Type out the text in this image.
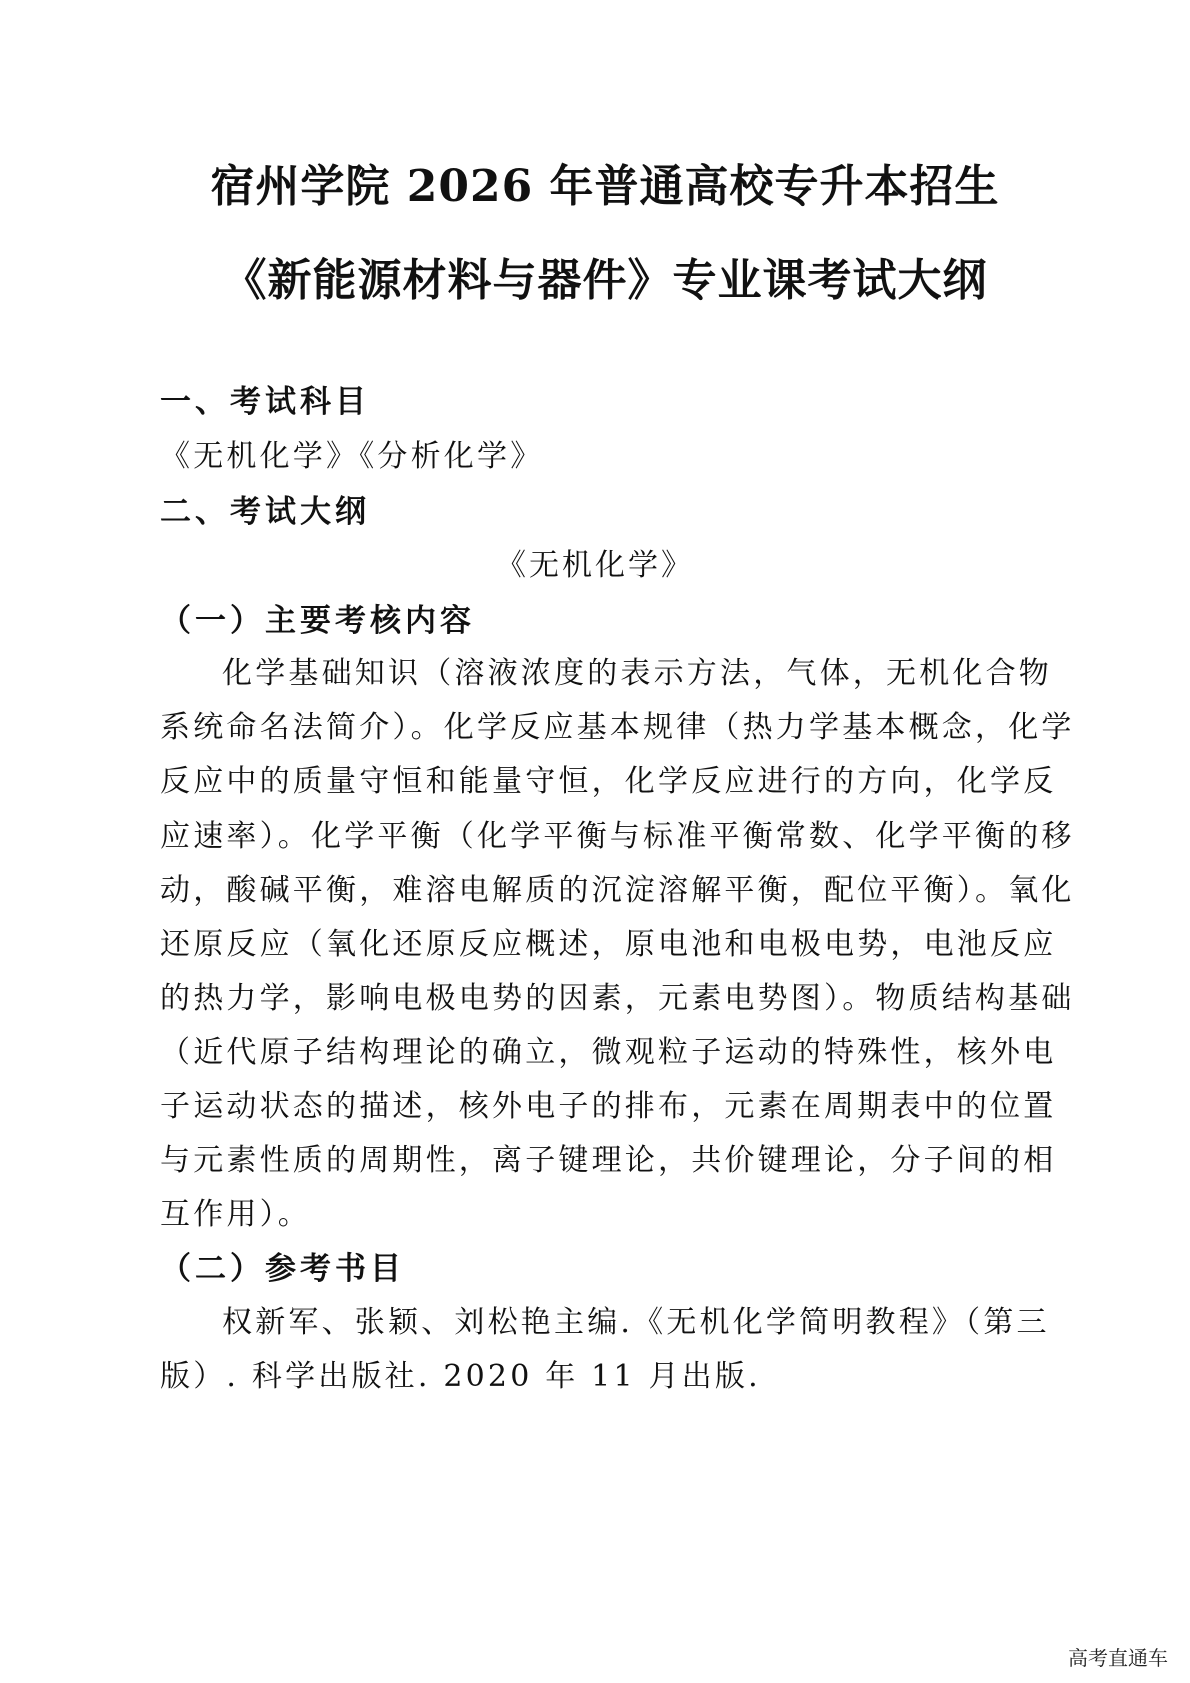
宿州学院 2026 年普通高校专升本招生
《新能源材料与器件》专业课考试大纲
一、考试科目
《无机化学》《分析化学》
二、考试大纲
《无机化学》
（一）主要考核内容
化学基础知识（溶液浓度的表示方法，气体，无机化合物
系统命名法简介）。化学反应基本规律（热力学基本概念，化学
反应中的质量守恒和能量守恒，化学反应进行的方向，化学反
应速率）。化学平衡（化学平衡与标准平衡常数、化学平衡的移
动，酸碱平衡，难溶电解质的沉淀溶解平衡，配位平衡）。氧化
还原反应（氧化还原反应概述，原电池和电极电势，电池反应
的热力学，影响电极电势的因素，元素电势图）。物质结构基础
（近代原子结构理论的确立，微观粒子运动的特殊性，核外电
子运动状态的描述，核外电子的排布，元素在周期表中的位置
与元素性质的周期性，离子键理论，共价键理论，分子间的相
互作用）。
（二）参考书目
权新军、张颖、刘松艳主编.《无机化学简明教程》（第三
版）. 科学出版社. 2020 年 11 月出版.
高考直通车
